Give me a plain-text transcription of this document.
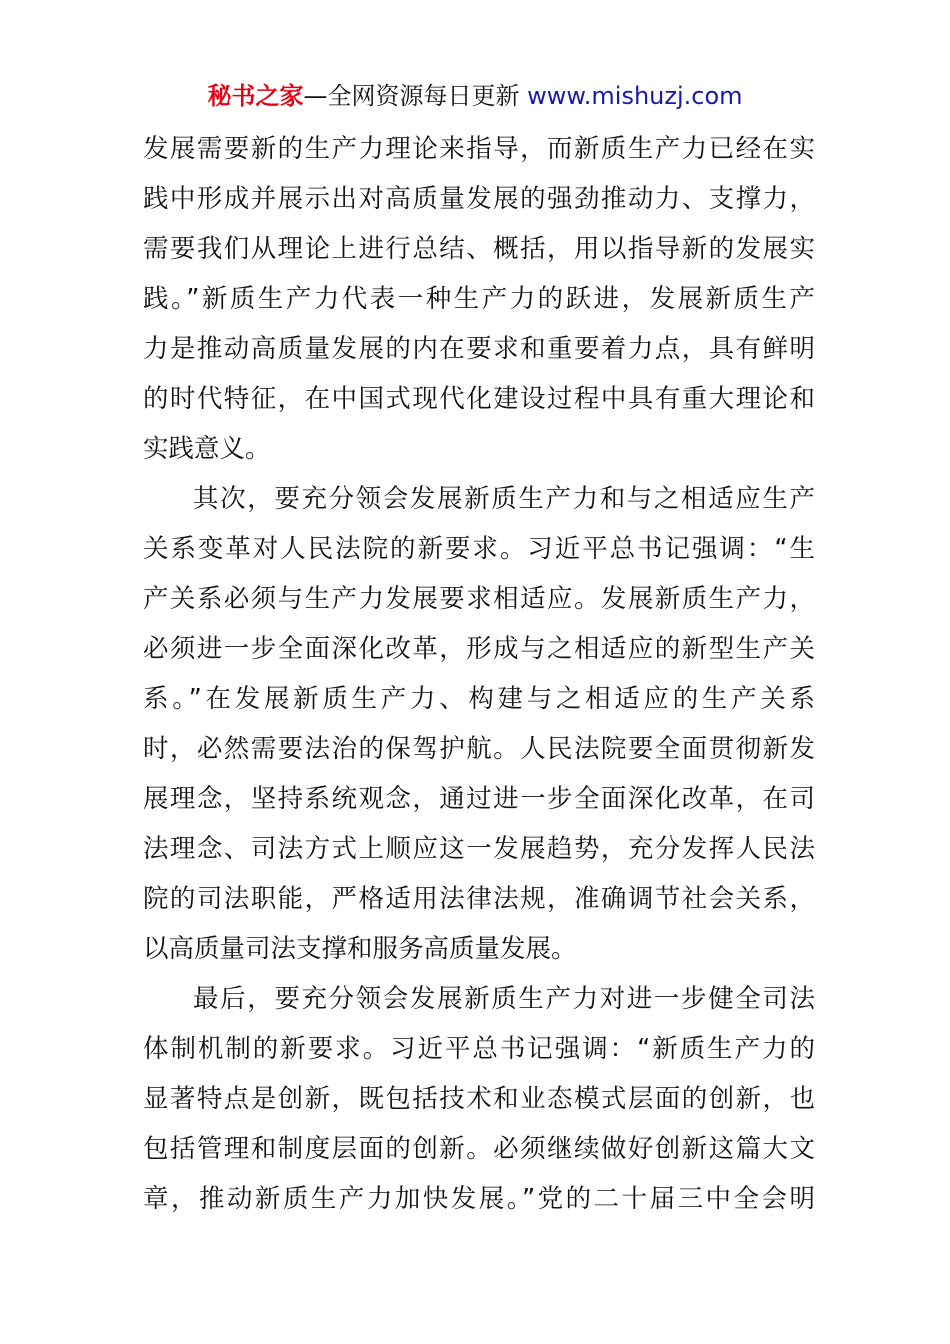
秘书之家—全网资源每日更新 www.mishuzj.com
发展需要新的生产力理论来指导，而新质生产力已经在实
践中形成并展示出对高质量发展的强劲推动力、支撑力，
需要我们从理论上进行总结、概括，用以指导新的发展实
践。”新质生产力代表一种生产力的跃进，发展新质生产
力是推动高质量发展的内在要求和重要着力点，具有鲜明
的时代特征，在中国式现代化建设过程中具有重大理论和
实践意义。
其次，要充分领会发展新质生产力和与之相适应生产
关系变革对人民法院的新要求。习近平总书记强调：“生
产关系必须与生产力发展要求相适应。发展新质生产力，
必须进一步全面深化改革，形成与之相适应的新型生产关
系。”在发展新质生产力、构建与之相适应的生产关系
时，必然需要法治的保驾护航。人民法院要全面贯彻新发
展理念，坚持系统观念，通过进一步全面深化改革，在司
法理念、司法方式上顺应这一发展趋势，充分发挥人民法
院的司法职能，严格适用法律法规，准确调节社会关系，
以高质量司法支撑和服务高质量发展。
最后，要充分领会发展新质生产力对进一步健全司法
体制机制的新要求。习近平总书记强调：“新质生产力的
显著特点是创新，既包括技术和业态模式层面的创新，也
包括管理和制度层面的创新。必须继续做好创新这篇大文
章，推动新质生产力加快发展。”党的二十届三中全会明
